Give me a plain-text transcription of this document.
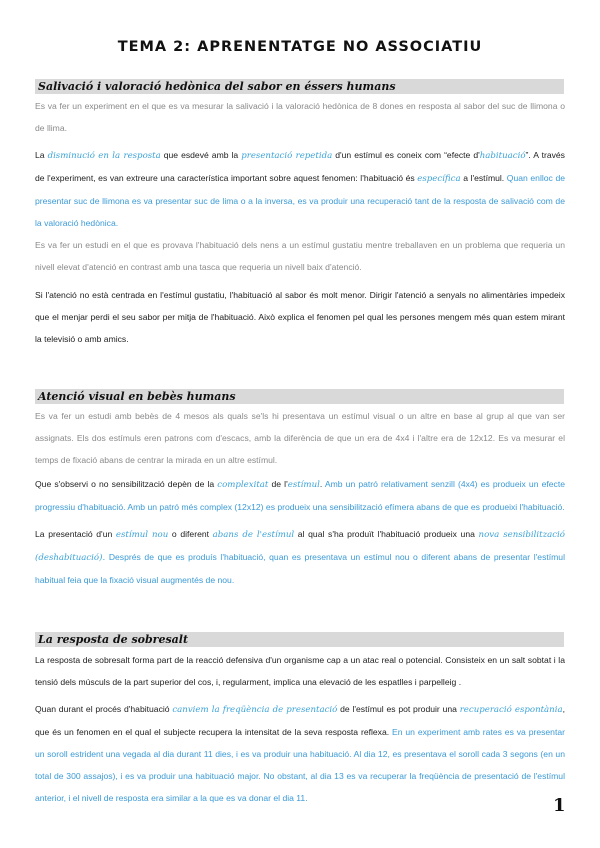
TEMA 2: APRENENTATGE NO ASSOCIATIU
Salivació i valoració hedònica del sabor en éssers humans

Es va fer un experiment en el que es va mesurar la salivació i la valoració hedònica de 8 dones en resposta al sabor del suc de llimona o de llima.

La disminució en la resposta que esdevé amb la presentació repetida d'un estímul es coneix com “efecte d'habituació”. A través de l'experiment, es van extreure una característica important sobre aquest fenomen: l'habituació és específica a l'estímul. Quan enlloc de presentar suc de llimona es va presentar suc de lima o a la inversa, es va produir una recuperació tant de la resposta de salivació com de la valoració hedònica.

Es va fer un estudi en el que es provava l'habituació dels nens a un estímul gustatiu mentre treballaven en un problema que requeria un nivell elevat d'atenció en contrast amb una tasca que requeria un nivell baix d'atenció.

Si l'atenció no està centrada en l'estímul gustatiu, l'habituació al sabor és molt menor. Dirigir l'atenció a senyals no alimentàries impedeix que el menjar perdi el seu sabor per mitja de l'habituació. Això explica el fenomen pel qual les persones mengem més quan estem mirant la televisió o amb amics.

Atenció visual en bebès humans

Es va fer un estudi amb bebès de 4 mesos als quals se'ls hi presentava un estímul visual o un altre en base al grup al que van ser assignats. Els dos estímuls eren patrons com d'escacs, amb la diferència de que un era de 4x4 i l'altre era de 12x12. Es va mesurar el temps de fixació abans de centrar la mirada en un altre estímul.

Que s'observi o no sensibilització depèn de la complexitat de l'estímul. Amb un patró relativament senzill (4x4) es produeix un efecte progressiu d'habituació. Amb un patró més complex (12x12) es produeix una sensibilització efímera abans de que es produeixi l'habituació.

La presentació d'un estímul nou o diferent abans de l'estímul al qual s'ha produït l'habituació produeix una nova sensibilització (deshabituació). Després de que es produís l'habituació, quan es presentava un estímul nou o diferent abans de presentar l'estímul habitual feia que la fixació visual augmentés de nou.

La resposta de sobresalt

La resposta de sobresalt forma part de la reacció defensiva d'un organisme cap a un atac real o potencial. Consisteix en un salt sobtat i la tensió dels músculs de la part superior del cos, i, regularment, implica una elevació de les espatlles i parpelleig .

Quan durant el procés d'habituació canviem la freqüència de presentació de l'estímul es pot produir una recuperació espontània, que és un fenomen en el qual el subjecte recupera la intensitat de la seva resposta reflexa. En un experiment amb rates es va presentar un soroll estrident una vegada al dia durant 11 dies, i es va produir una habituació. Al dia 12, es presentava el soroll cada 3 segons (en un total de 300 assajos), i es va produir una habituació major. No obstant, al dia 13 es va recuperar la freqüència de presentació de l'estímul anterior, i el nivell de resposta era similar a la que es va donar el dia 11.	1
